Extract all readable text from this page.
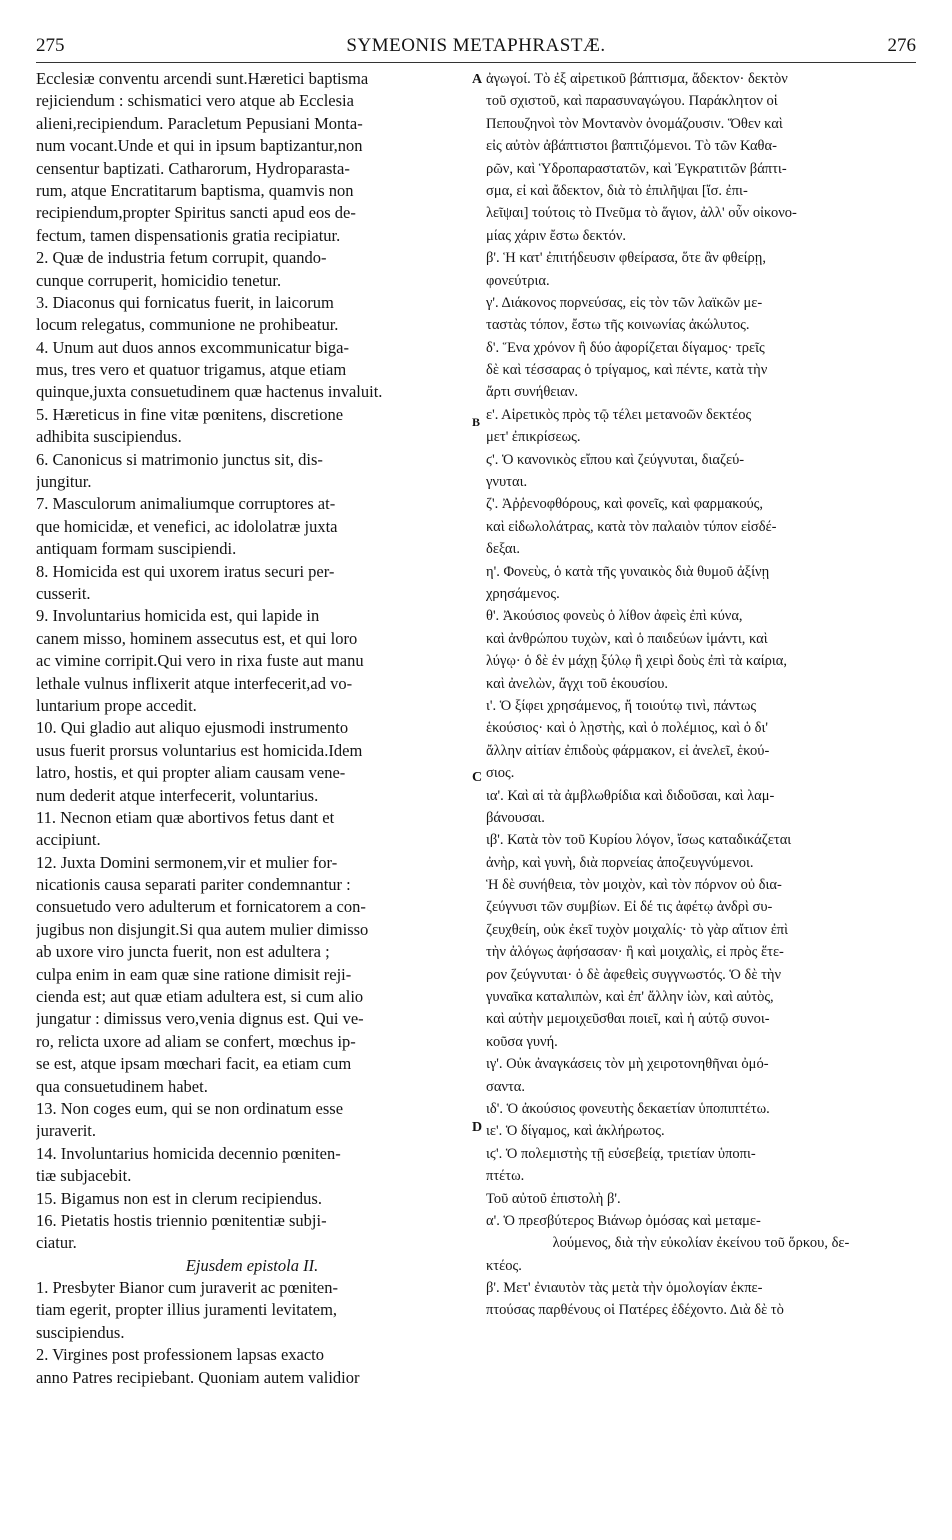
275	SYMEONIS METAPHRASTÆ.	276
Ecclesiæ conventu arcendi sunt.Hæretici baptisma
rejiciendum : schismatici vero atque ab Ecclesia
alieni,recipiendum. Paracletum Pepusiani Monta-
num vocant.Unde et qui in ipsum baptizantur,non
censentur baptizati. Catharorum, Hydroparasta-
rum, atque Encratitarum baptisma, quamvis non
recipiendum,propter Spiritus sancti apud eos de-
fectum, tamen dispensationis gratia recipiatur.
2. Quæ de industria fetum corrupit, quando-
cunque corruperit, homicidio tenetur.
3. Diaconus qui fornicatus fuerit, in laicorum
locum relegatus, communione ne prohibeatur.
4. Unum aut duos annos excommunicatur biga-
mus, tres vero et quatuor trigamus, atque etiam
quinque,juxta consuetudinem quæ hactenus invaluit.
5. Hæreticus in fine vitæ pœnitens, discretione
adhibita suscipiendus.
6. Canonicus si matrimonio junctus sit, dis-
jungitur.
7. Masculorum animaliumque corruptores at-
que homicidæ, et venefici, ac idololatræ juxta
antiquam formam suscipiendi.
8. Homicida est qui uxorem iratus securi per-
cusserit.
9. Involuntarius homicida est, qui lapide in
canem misso, hominem assecutus est, et qui loro
ac vimine corripit.Qui vero in rixa fuste aut manu
lethale vulnus inflixerit atque interfecerit,ad vo-
luntarium prope accedit.
10. Qui gladio aut aliquo ejusmodi instrumento
usus fuerit prorsus voluntarius est homicida.Idem
latro, hostis, et qui propter aliam causam vene-
num dederit atque interfecerit, voluntarius.
11. Necnon etiam quæ abortivos fetus dant et
accipiunt.
12. Juxta Domini sermonem,vir et mulier for-
nicationis causa separati pariter condemnantur :
consuetudo vero adulterum et fornicatorem a con-
jugibus non disjungit.Si qua autem mulier dimisso
ab uxore viro juncta fuerit, non est adultera ;
culpa enim in eam quæ sine ratione dimisit reji-
cienda est; aut quæ etiam adultera est, si cum alio
jungatur : dimissus vero,venia dignus est. Qui ve-
ro, relicta uxore ad aliam se confert, mœchus ip-
se est, atque ipsam mœchari facit, ea etiam cum
qua consuetudinem habet.
13. Non coges eum, qui se non ordinatum esse
juraverit.
14. Involuntarius homicida decennio pœniten-
tiæ subjacebit.
15. Bigamus non est in clerum recipiendus.
16. Pietatis hostis triennio pœnitentiæ subji-
ciatur.
Ejusdem epistola II.
1. Presbyter Bianor cum juraverit ac pœniten-
tiam egerit, propter illius juramenti levitatem,
suscipiendus.
2. Virgines post professionem lapsas exacto
anno Patres recipiebant. Quoniam autem validior
ἀγωγοί. Τὸ ἐξ αἱρετικοῦ βάπτισμα, ἄδεκτον· δεκτὸν
τοῦ σχιστοῦ, καὶ παρασυναγώγου. Παράκλητον οἱ
Πεπουζηνοὶ τὸν Μοντανὸν ὀνομάζουσιν. Ὅθεν καὶ
εἰς αὐτὸν ἀβάπτιστοι βαπτιζόμενοι. Τὸ τῶν Καθα-
ρῶν, καὶ Ὑδροπαραστατῶν, καὶ Ἐγκρατιτῶν βάπτι-
σμα, εἰ καὶ ἄδεκτον, διὰ τὸ ἐπιλῆψαι [ἴσ. ἐπι-
λεῖψαι] τούτοις τὸ Πνεῦμα τὸ ἅγιον, ἀλλ' οὖν οἰκονο-
μίας χάριν ἔστω δεκτόν.
β'. Ἡ κατ' ἐπιτήδευσιν φθείρασα, ὅτε ἂν φθείρῃ,
φονεύτρια.
γ'. Διάκονος πορνεύσας, εἰς τὸν τῶν λαϊκῶν με-
ταστὰς τόπον, ἔστω τῆς κοινωνίας ἀκώλυτος.
δ'. Ἕνα χρόνον ἢ δύο ἀφορίζεται δίγαμος· τρεῖς
δὲ καὶ τέσσαρας ὁ τρίγαμος, καὶ πέντε, κατὰ τὴν
ἄρτι συνήθειαν.
ε'. Αἱρετικὸς πρὸς τῷ τέλει μετανοῶν δεκτέος
μετ' ἐπικρίσεως.
ϛ'. Ὁ κανονικὸς εἴπου καὶ ζεύγνυται, διαζεύ-
γνυται.
ζ'. Ἀῤῥενοφθόρους, καὶ φονεῖς, καὶ φαρμακούς,
καὶ εἰδωλολάτρας, κατὰ τὸν παλαιὸν τύπον εἰσδέ-
δεξαι.
η'. Φονεὺς, ὁ κατὰ τῆς γυναικὸς διὰ θυμοῦ ἀξίνῃ
χρησάμενος.
θ'. Ἀκούσιος φονεὺς ὁ λίθον ἀφεὶς ἐπὶ κύνα,
καὶ ἀνθρώπου τυχὼν, καὶ ὁ παιδεύων ἱμάντι, καὶ
λύγῳ· ὁ δὲ ἐν μάχῃ ξύλῳ ἢ χειρὶ δοὺς ἐπὶ τὰ καίρια,
καὶ ἀνελὼν, ἄγχι τοῦ ἑκουσίου.
ι'. Ὁ ξίφει χρησάμενος, ἤ τοιούτῳ τινὶ, πάντως
ἑκούσιος· καὶ ὁ λῃστὴς, καὶ ὁ πολέμιος, καὶ ὁ δι'
ἄλλην αἰτίαν ἐπιδοὺς φάρμακον, εἰ ἀνελεῖ, ἑκού-
σιος.
ια'. Καὶ αἱ τὰ ἀμβλωθρίδια καὶ διδοῦσαι, καὶ λαμ-
βάνουσαι.
ιβ'. Κατὰ τὸν τοῦ Κυρίου λόγον, ἴσως καταδικάζεται
ἀνὴρ, καὶ γυνὴ, διὰ πορνείας ἀποζευγνύμενοι.
Ἡ δὲ συνήθεια, τὸν μοιχὸν, καὶ τὸν πόρνον οὐ δια-
ζεύγνυσι τῶν συμβίων. Εἰ δέ τις ἀφέτῳ ἀνδρὶ συ-
ζευχθείη, οὐκ ἐκεῖ τυχὸν μοιχαλίς· τὸ γὰρ αἴτιον ἐπὶ
τὴν ἀλόγως ἀφήσασαν· ἢ καὶ μοιχαλὶς, εἰ πρὸς ἕτε-
ρον ζεύγνυται· ὁ δὲ ἀφεθεὶς συγγνωστός. Ὁ δὲ τὴν
γυναῖκα καταλιπὼν, καὶ ἐπ' ἄλλην ἰὼν, καὶ αὐτὸς,
καὶ αὐτὴν μεμοιχεῦσθαι ποιεῖ, καὶ ἡ αὐτῷ συνοι-
κοῦσα γυνή.
ιγ'. Οὐκ ἀναγκάσεις τὸν μὴ χειροτονηθῆναι ὀμό-
σαντα.
ιδ'. Ὁ ἀκούσιος φονευτὴς δεκαετίαν ὑποπιπτέτω.
ιε'. Ὁ δίγαμος, καὶ ἀκλήρωτος.
ιϛ'. Ὁ πολεμιστὴς τῇ εὐσεβείᾳ, τριετίαν ὑποπι-
πτέτω.
Τοῦ αὐτοῦ ἐπιστολὴ β'.
α'. Ὁ πρεσβύτερος Βιάνωρ ὀμόσας καὶ μεταμε-
λούμενος, διὰ τὴν εὐκολίαν ἐκείνου τοῦ ὅρκου, δε-
κτέος.
β'. Μετ' ἐνιαυτὸν τὰς μετὰ τὴν ὁμολογίαν ἐκπε-
πτούσας παρθένους οἱ Πατέρες ἐδέχοντο. Διὰ δὲ τὸ
A
B
C
D
